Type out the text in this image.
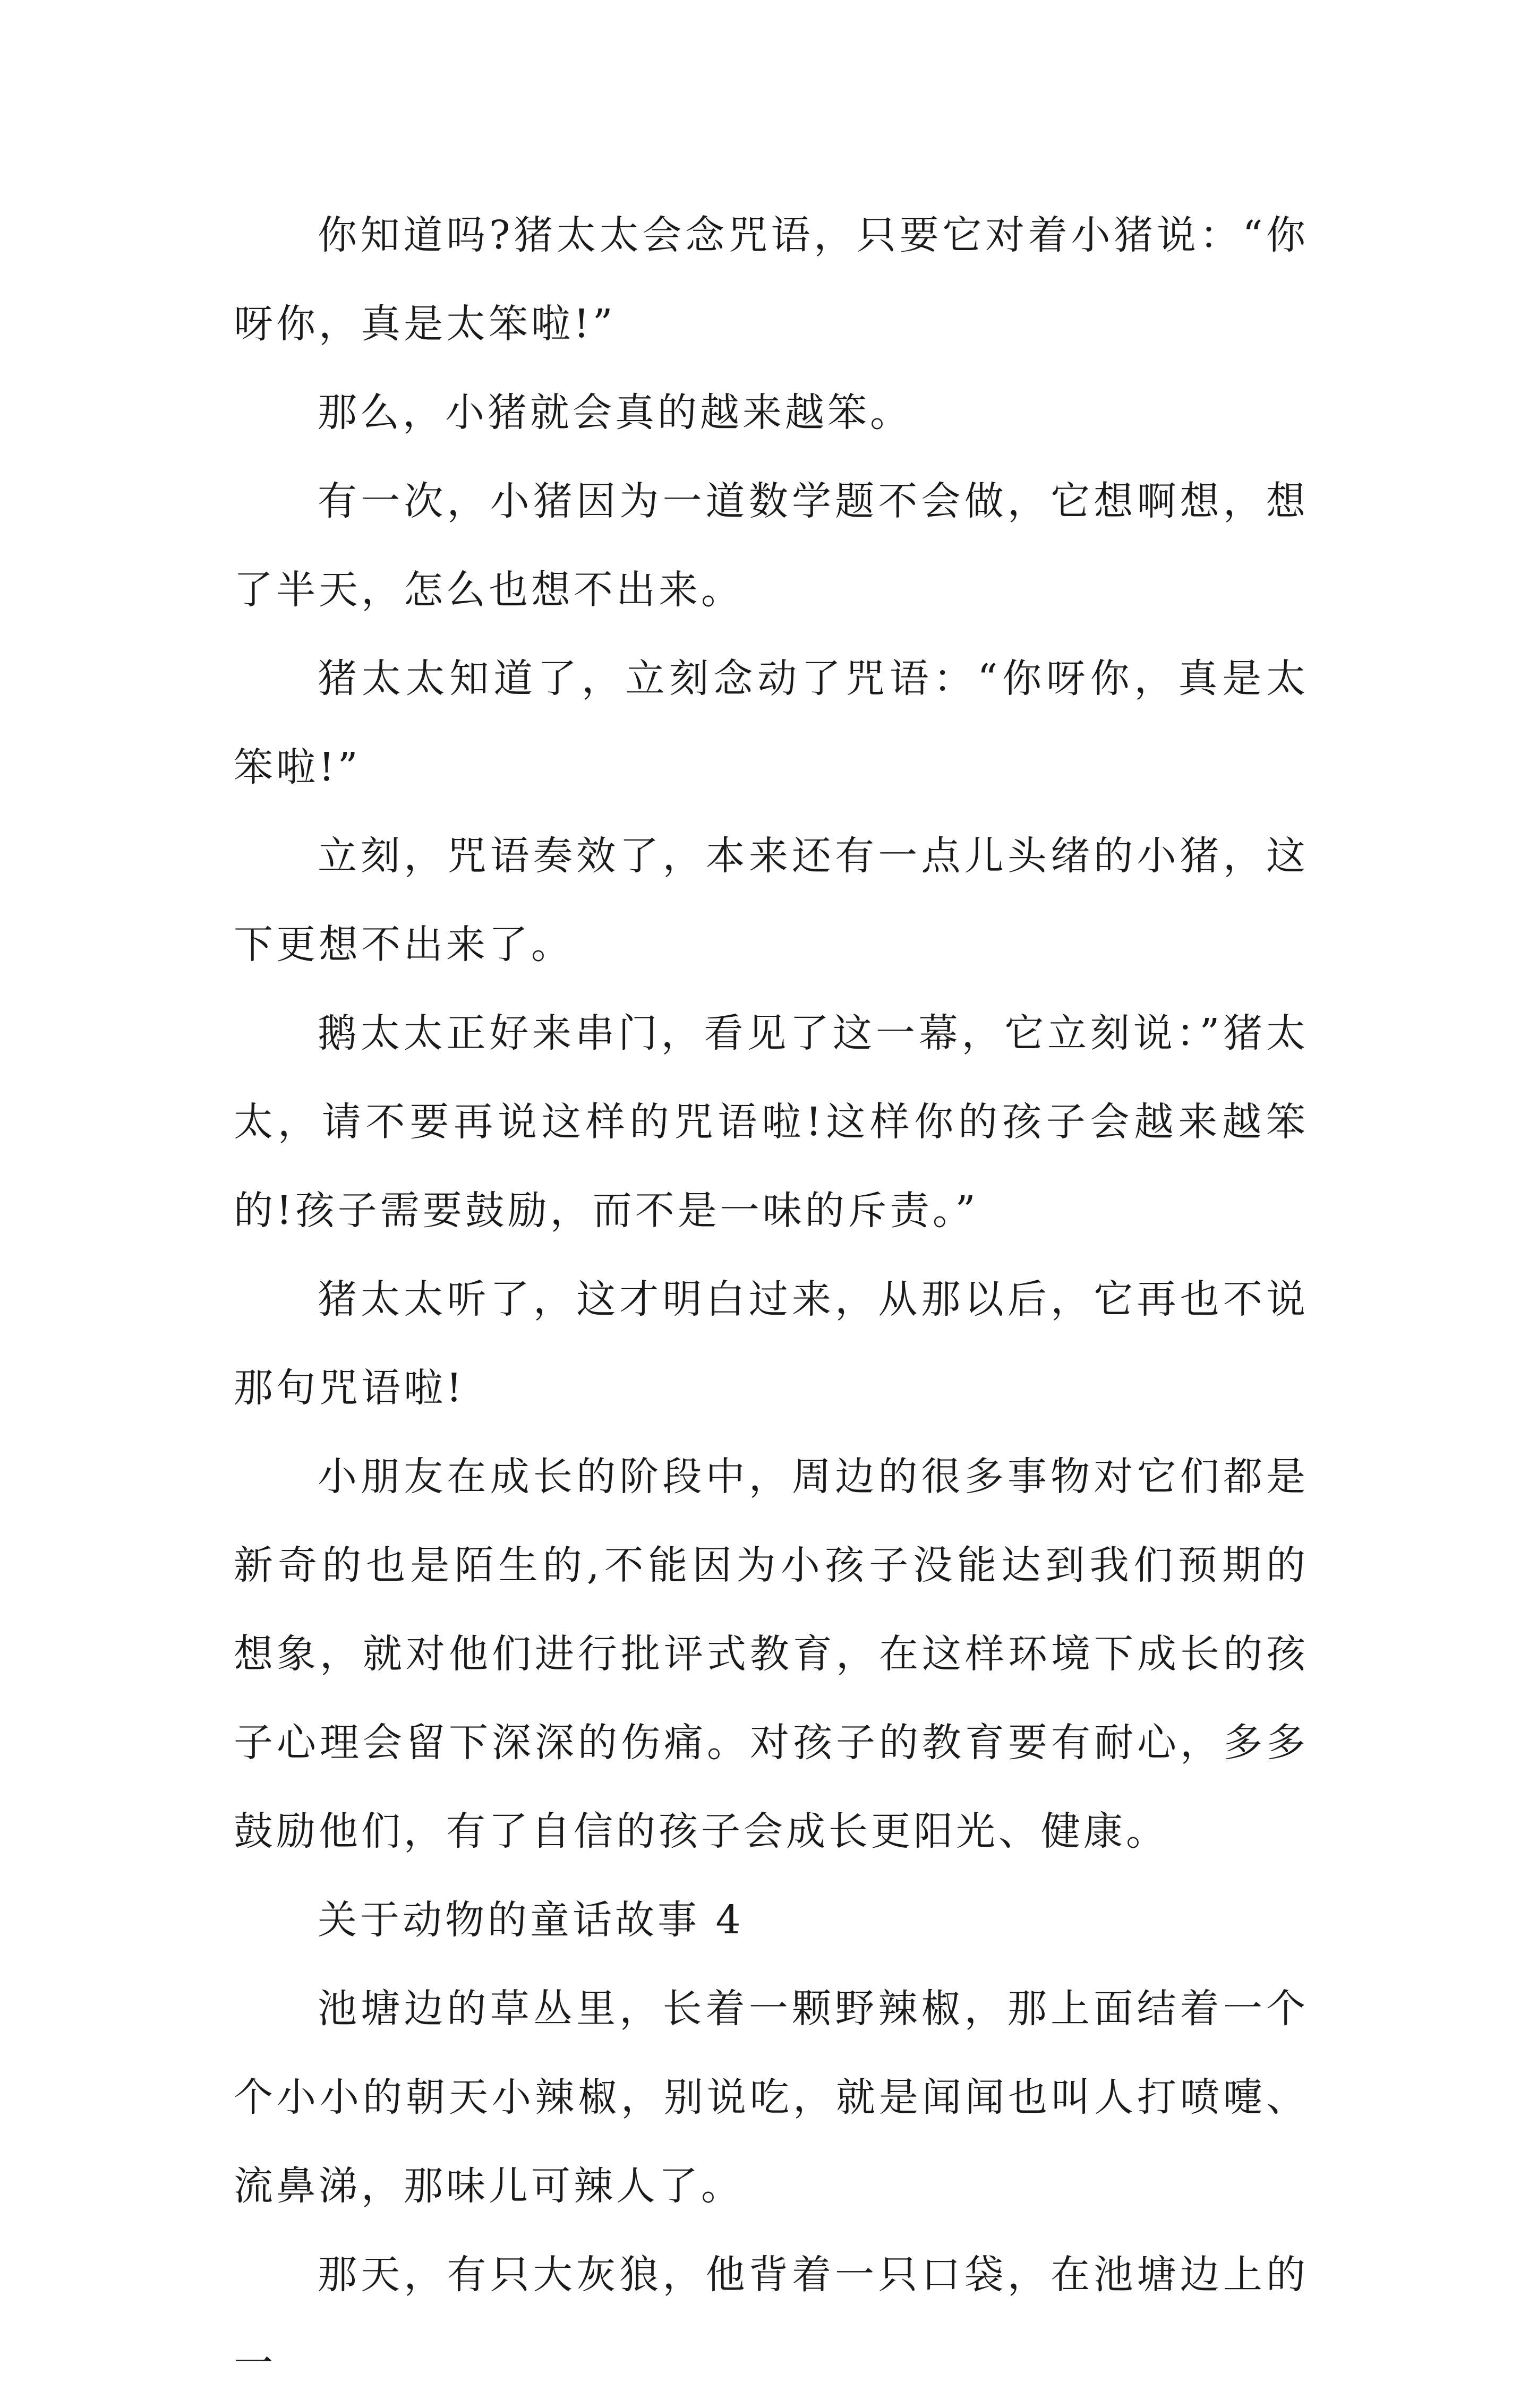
你知道吗?猪太太会念咒语，只要它对着小猪说：“你呀你，真是太笨啦!”

那么，小猪就会真的越来越笨。

有一次，小猪因为一道数学题不会做，它想啊想，想了半天，怎么也想不出来。

猪太太知道了，立刻念动了咒语：“你呀你，真是太笨啦!”

立刻，咒语奏效了，本来还有一点儿头绪的小猪，这下更想不出来了。

鹅太太正好来串门，看见了这一幕，它立刻说：”猪太太，请不要再说这样的咒语啦!这样你的孩子会越来越笨的!孩子需要鼓励，而不是一味的斥责。”

猪太太听了，这才明白过来，从那以后，它再也不说那句咒语啦!

小朋友在成长的阶段中，周边的很多事物对它们都是新奇的也是陌生的,不能因为小孩子没能达到我们预期的想象，就对他们进行批评式教育，在这样环境下成长的孩子心理会留下深深的伤痛。对孩子的教育要有耐心，多多鼓励他们，有了自信的孩子会成长更阳光、健康。

关于动物的童话故事 4

池塘边的草丛里，长着一颗野辣椒，那上面结着一个个小小的朝天小辣椒，别说吃，就是闻闻也叫人打喷嚏、流鼻涕，那味儿可辣人了。

那天，有只大灰狼，他背着一只口袋，在池塘边上的一
